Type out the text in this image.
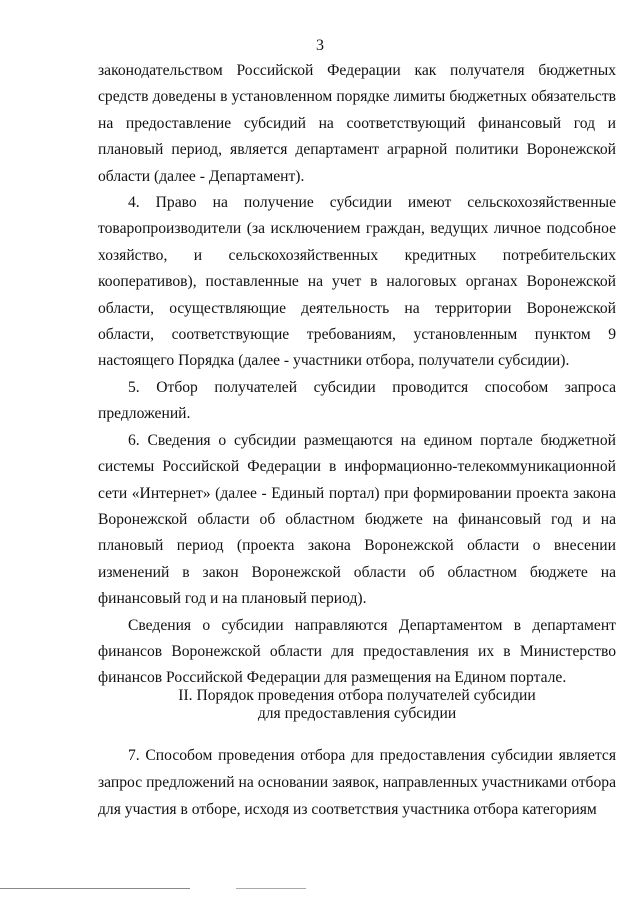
3

законодательством Российской Федерации как получателя бюджетных средств доведены в установленном порядке лимиты бюджетных обязательств на предоставление субсидий на соответствующий финансовый год и плановый период, является департамент аграрной политики Воронежской области (далее - Департамент).

4. Право на получение субсидии имеют сельскохозяйственные товаропроизводители (за исключением граждан, ведущих личное подсобное хозяйство, и сельскохозяйственных кредитных потребительских кооперативов), поставленные на учет в налоговых органах Воронежской области, осуществляющие деятельность на территории Воронежской области, соответствующие требованиям, установленным пунктом 9 настоящего Порядка (далее - участники отбора, получатели субсидии).

5. Отбор получателей субсидии проводится способом запроса предложений.

6. Сведения о субсидии размещаются на едином портале бюджетной системы Российской Федерации в информационно-телекоммуникационной сети «Интернет» (далее - Единый портал) при формировании проекта закона Воронежской области об областном бюджете на финансовый год и на плановый период (проекта закона Воронежской области о внесении изменений в закон Воронежской области об областном бюджете на финансовый год и на плановый период).

Сведения о субсидии направляются Департаментом в департамент финансов Воронежской области для предоставления их в Министерство финансов Российской Федерации для размещения на Едином портале.

II. Порядок проведения отбора получателей субсидии
для предоставления субсидии

7. Способом проведения отбора для предоставления субсидии является запрос предложений на основании заявок, направленных участниками отбора для участия в отборе, исходя из соответствия участника отбора категориям
